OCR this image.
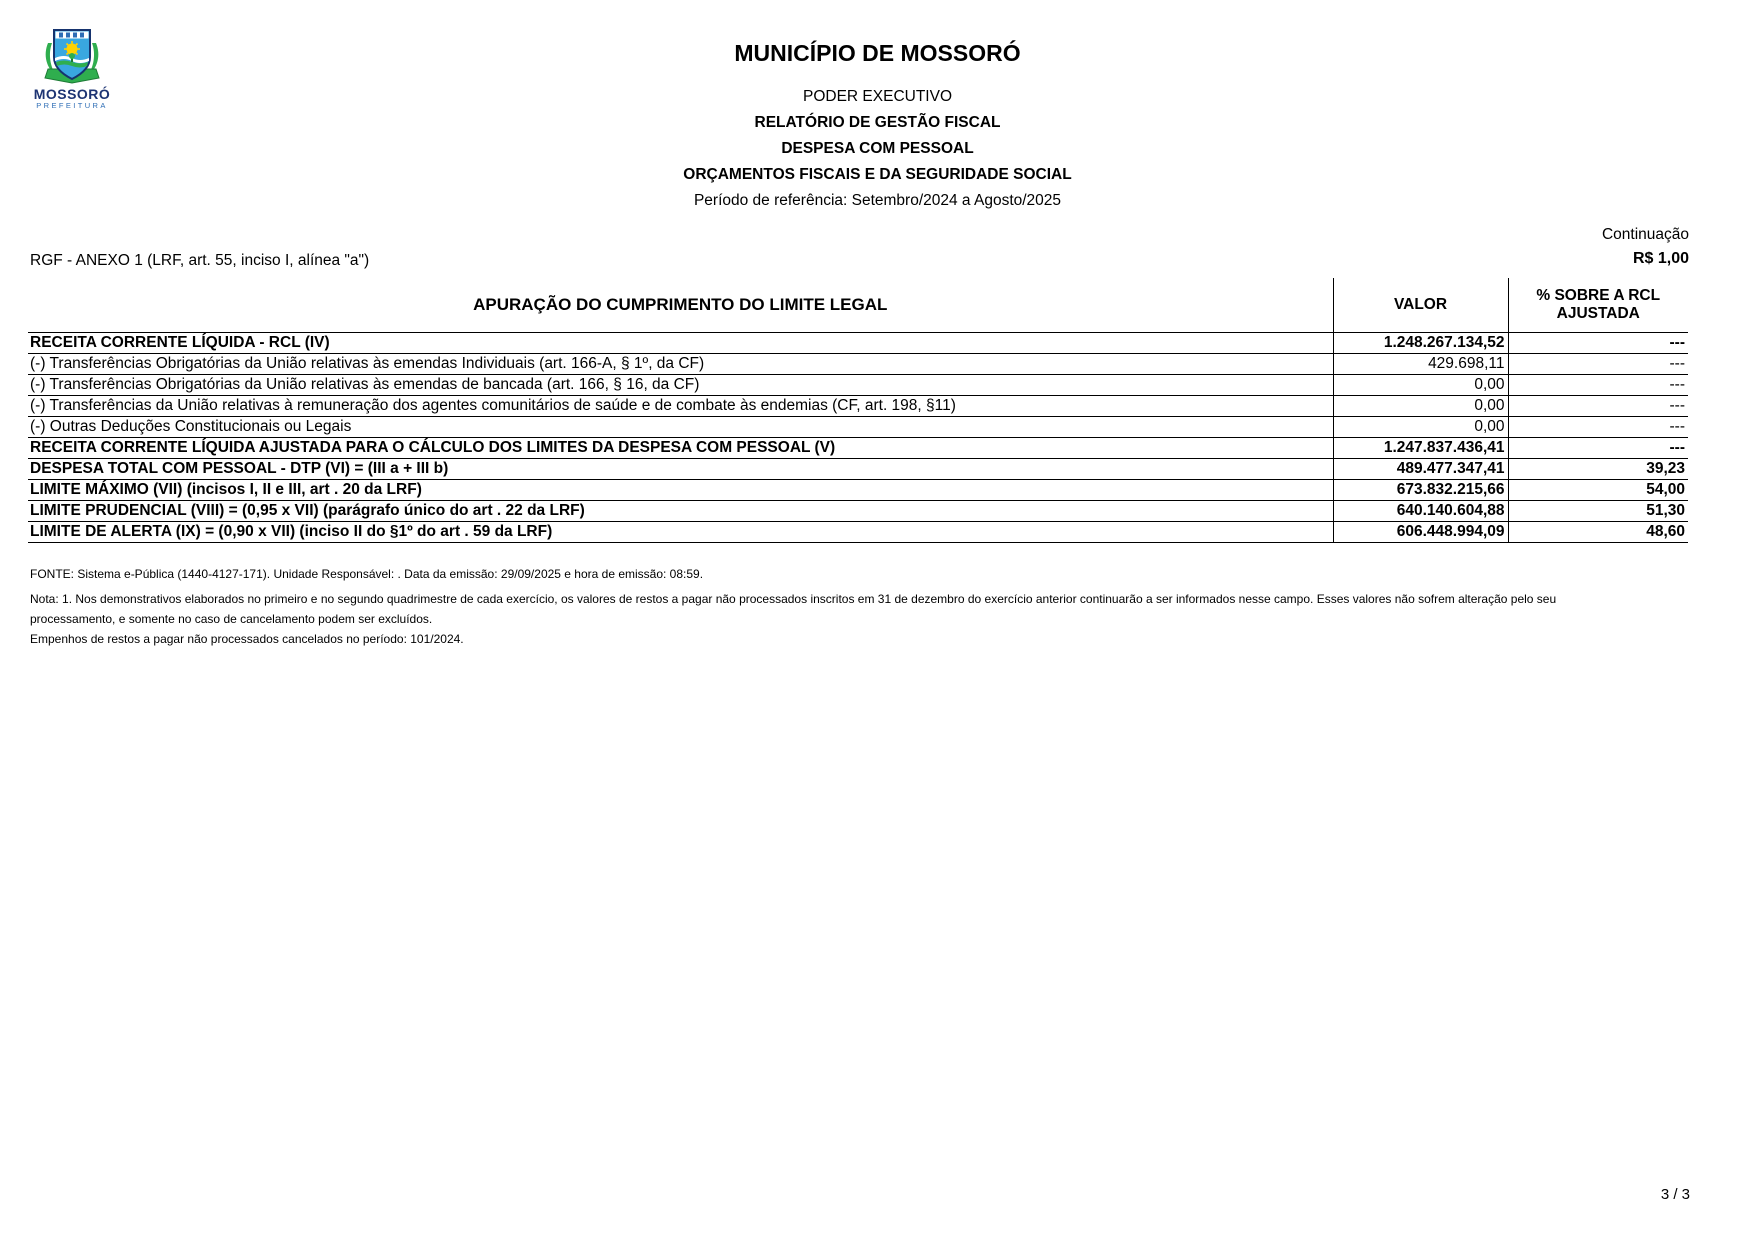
MOSSORÓ
PREFEITURA
MUNICÍPIO DE MOSSORÓ
PODER EXECUTIVO
RELATÓRIO DE GESTÃO FISCAL
DESPESA COM PESSOAL
ORÇAMENTOS FISCAIS E DA SEGURIDADE SOCIAL
Período de referência: Setembro/2024 a Agosto/2025
Continuação
RGF - ANEXO 1 (LRF, art. 55, inciso I, alínea "a")	R$ 1,00
APURAÇÃO DO CUMPRIMENTO DO LIMITE LEGAL	VALOR	% SOBRE A RCL AJUSTADA
RECEITA CORRENTE LÍQUIDA - RCL (IV)	1.248.267.134,52	---
(-) Transferências Obrigatórias da União relativas às emendas Individuais (art. 166-A, § 1º, da CF)	429.698,11	---
(-) Transferências Obrigatórias da União relativas às emendas de bancada (art. 166, § 16, da CF)	0,00	---
(-) Transferências da União relativas à remuneração dos agentes comunitários de saúde e de combate às endemias (CF, art. 198, §11)	0,00	---
(-) Outras Deduções Constitucionais ou Legais	0,00	---
RECEITA CORRENTE LÍQUIDA AJUSTADA PARA O CÁLCULO DOS LIMITES DA DESPESA COM PESSOAL (V)	1.247.837.436,41	---
DESPESA TOTAL COM PESSOAL - DTP (VI) = (III a + III b)	489.477.347,41	39,23
LIMITE MÁXIMO (VII) (incisos I, II e III, art . 20 da LRF)	673.832.215,66	54,00
LIMITE PRUDENCIAL (VIII) = (0,95 x VII) (parágrafo único do art . 22 da LRF)	640.140.604,88	51,30
LIMITE DE ALERTA (IX) = (0,90 x VII) (inciso II do §1º do art . 59 da LRF)	606.448.994,09	48,60
FONTE: Sistema e-Pública (1440-4127-171). Unidade Responsável: . Data da emissão: 29/09/2025 e hora de emissão: 08:59.
Nota: 1. Nos demonstrativos elaborados no primeiro e no segundo quadrimestre de cada exercício, os valores de restos a pagar não processados inscritos em 31 de dezembro do exercício anterior continuarão a ser informados nesse campo. Esses valores não sofrem alteração pelo seu processamento, e somente no caso de cancelamento podem ser excluídos.
Empenhos de restos a pagar não processados cancelados no período: 101/2024.
3 / 3
